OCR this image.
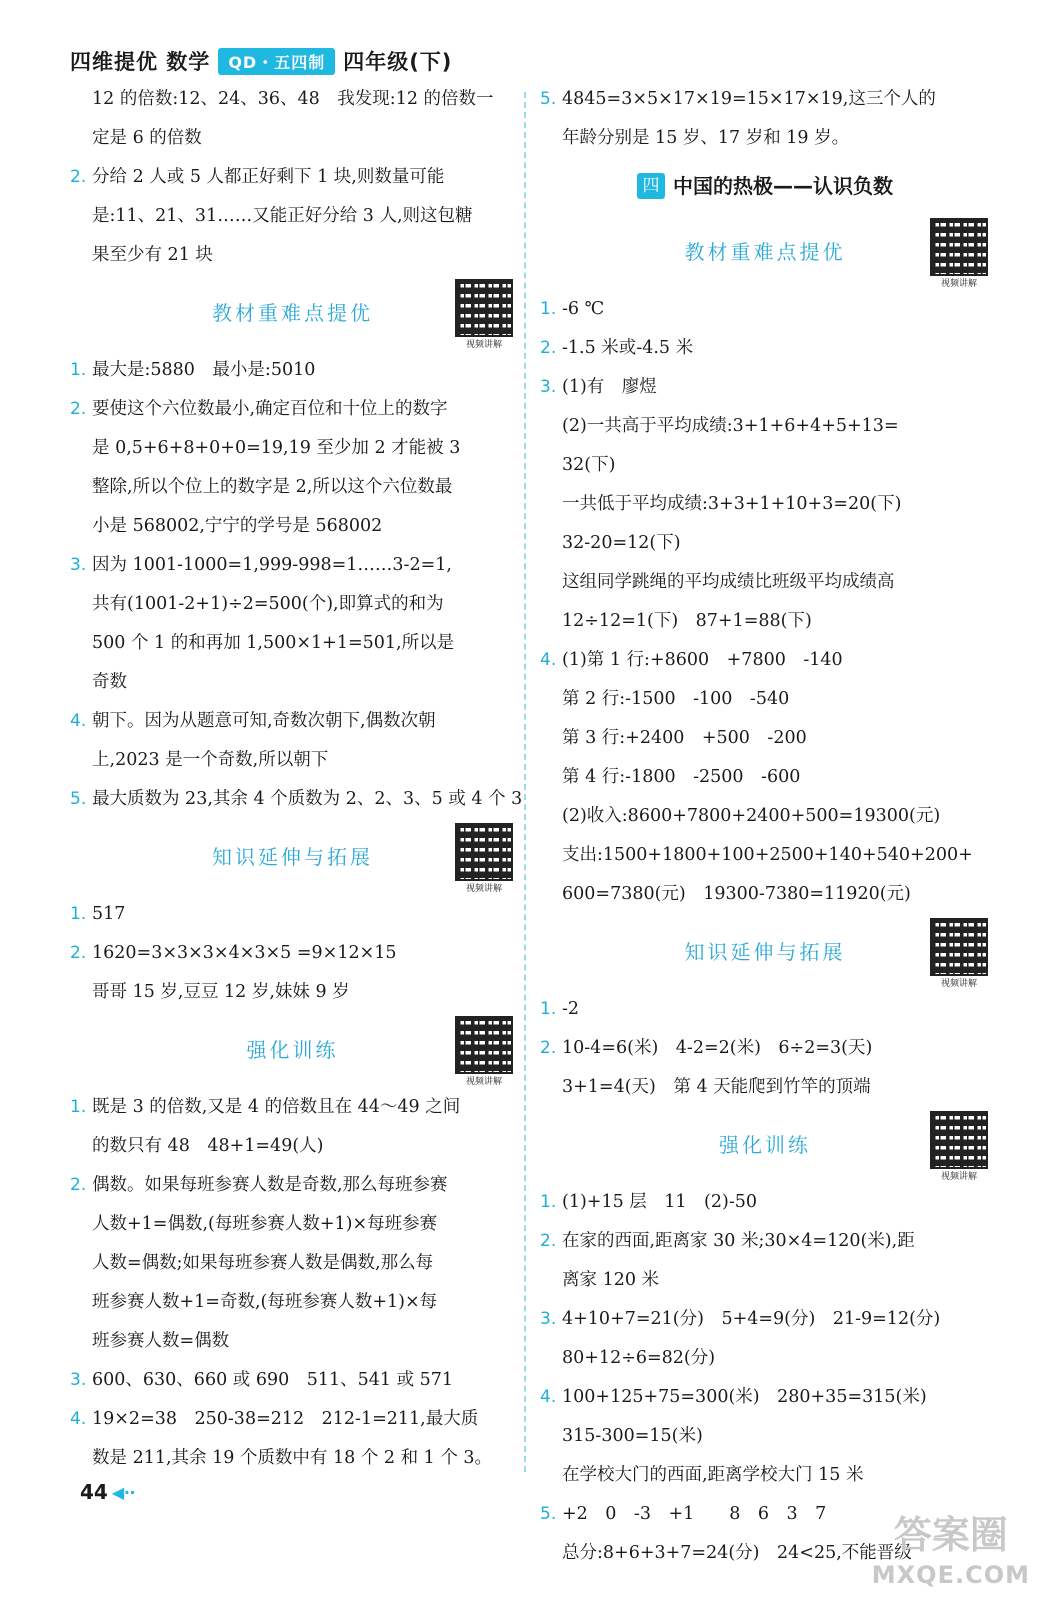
四维提优 数学	QD・五四制 四年级(下)
12 的倍数:12、24、36、48　我发现:12 的倍数一
定是 6 的倍数
2. 分给 2 人或 5 人都正好剩下 1 块,则数量可能
是:11、21、31……又能正好分给 3 人,则这包糖
果至少有 21 块
教材重难点提优
视频讲解
1. 最大是:5880　最小是:5010
2. 要使这个六位数最小,确定百位和十位上的数字
是 0,5+6+8+0+0=19,19 至少加 2 才能被 3
整除,所以个位上的数字是 2,所以这个六位数最
小是 568002,宁宁的学号是 568002
3. 因为 1001-1000=1,999-998=1……3-2=1,
共有(1001-2+1)÷2=500(个),即算式的和为
500 个 1 的和再加 1,500×1+1=501,所以是
奇数
4. 朝下。因为从题意可知,奇数次朝下,偶数次朝
上,2023 是一个奇数,所以朝下
5. 最大质数为 23,其余 4 个质数为 2、2、3、5 或 4 个 3
知识延伸与拓展
视频讲解
1. 517
2. 1620=3×3×3×4×3×5 =9×12×15
哥哥 15 岁,豆豆 12 岁,妹妹 9 岁
强化训练
视频讲解
1. 既是 3 的倍数,又是 4 的倍数且在 44～49 之间
的数只有 48　48+1=49(人)
2. 偶数。如果每班参赛人数是奇数,那么每班参赛
人数+1=偶数,(每班参赛人数+1)×每班参赛
人数=偶数;如果每班参赛人数是偶数,那么每
班参赛人数+1=奇数,(每班参赛人数+1)×每
班参赛人数=偶数
3. 600、630、660 或 690　511、541 或 571
4. 19×2=38　250-38=212　212-1=211,最大质
数是 211,其余 19 个质数中有 18 个 2 和 1 个 3。
5. 4845=3×5×17×19=15×17×19,这三个人的
年龄分别是 15 岁、17 岁和 19 岁。
四 中国的热极——认识负数
教材重难点提优
视频讲解
1. -6 ℃
2. -1.5 米或-4.5 米
3. (1)有　廖煜
(2)一共高于平均成绩:3+1+6+4+5+13=
32(下)
一共低于平均成绩:3+3+1+10+3=20(下)
32-20=12(下)
这组同学跳绳的平均成绩比班级平均成绩高
12÷12=1(下)　87+1=88(下)
4. (1)第 1 行:+8600　+7800　-140
第 2 行:-1500　-100　-540
第 3 行:+2400　+500　-200
第 4 行:-1800　-2500　-600
(2)收入:8600+7800+2400+500=19300(元)
支出:1500+1800+100+2500+140+540+200+
600=7380(元)　19300-7380=11920(元)
知识延伸与拓展
视频讲解
1. -2
2. 10-4=6(米)　4-2=2(米)　6÷2=3(天)
3+1=4(天)　第 4 天能爬到竹竿的顶端
强化训练
视频讲解
1. (1)+15 层　11　(2)-50
2. 在家的西面,距离家 30 米;30×4=120(米),距
离家 120 米
3. 4+10+7=21(分)　5+4=9(分)　21-9=12(分)
80+12÷6=82(分)
4. 100+125+75=300(米)　280+35=315(米)
315-300=15(米)
在学校大门的西面,距离学校大门 15 米
5. +2　0　-3　+1　　8　6　3　7
总分:8+6+3+7=24(分)　24<25,不能晋级
44 ◀‧‧
答案圈
MXQE.COM
